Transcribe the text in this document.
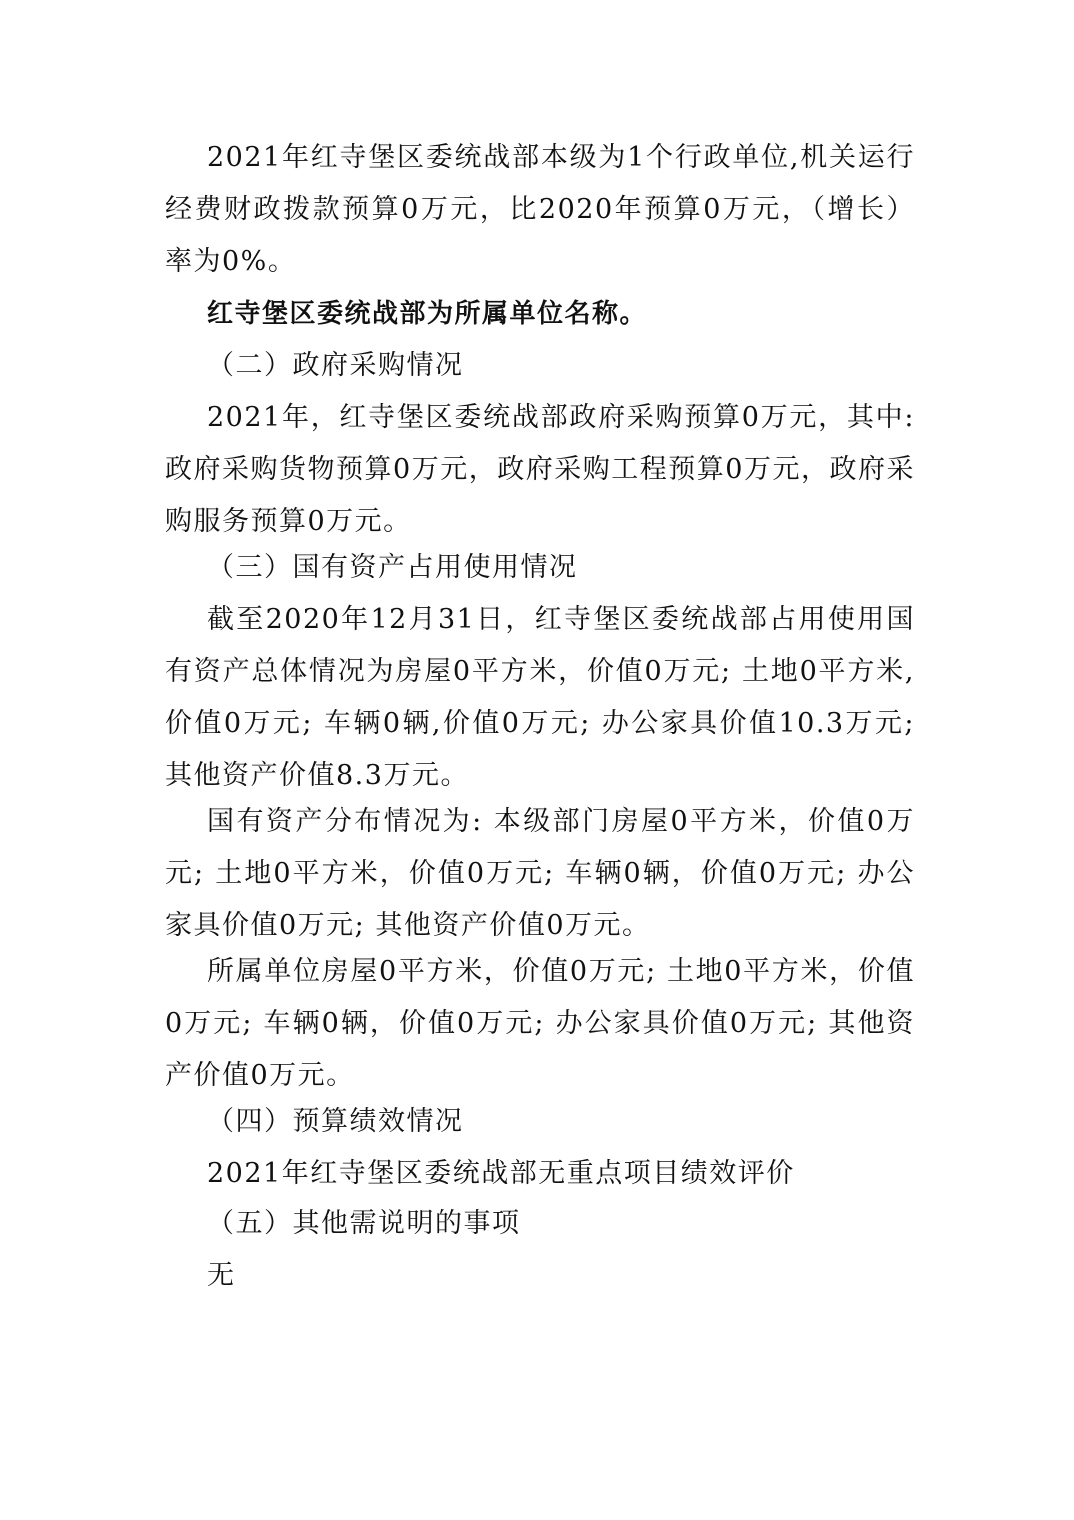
2021年红寺堡区委统战部本级为1个行政单位,机关运行经费财政拨款预算0万元，比2020年预算0万元，（增长）率为0%。

红寺堡区委统战部为所属单位名称。

（二）政府采购情况

2021年，红寺堡区委统战部政府采购预算0万元，其中:政府采购货物预算0万元，政府采购工程预算0万元，政府采购服务预算0万元。

（三）国有资产占用使用情况

截至2020年12月31日，红寺堡区委统战部占用使用国有资产总体情况为房屋0平方米，价值0万元; 土地0平方米,价值0万元; 车辆0辆,价值0万元; 办公家具价值10.3万元; 其他资产价值8.3万元。

国有资产分布情况为: 本级部门房屋0平方米，价值0万元; 土地0平方米，价值0万元; 车辆0辆，价值0万元; 办公家具价值0万元; 其他资产价值0万元。

所属单位房屋0平方米，价值0万元; 土地0平方米，价值0万元; 车辆0辆，价值0万元; 办公家具价值0万元; 其他资产价值0万元。

（四）预算绩效情况

2021年红寺堡区委统战部无重点项目绩效评价

（五）其他需说明的事项

无
